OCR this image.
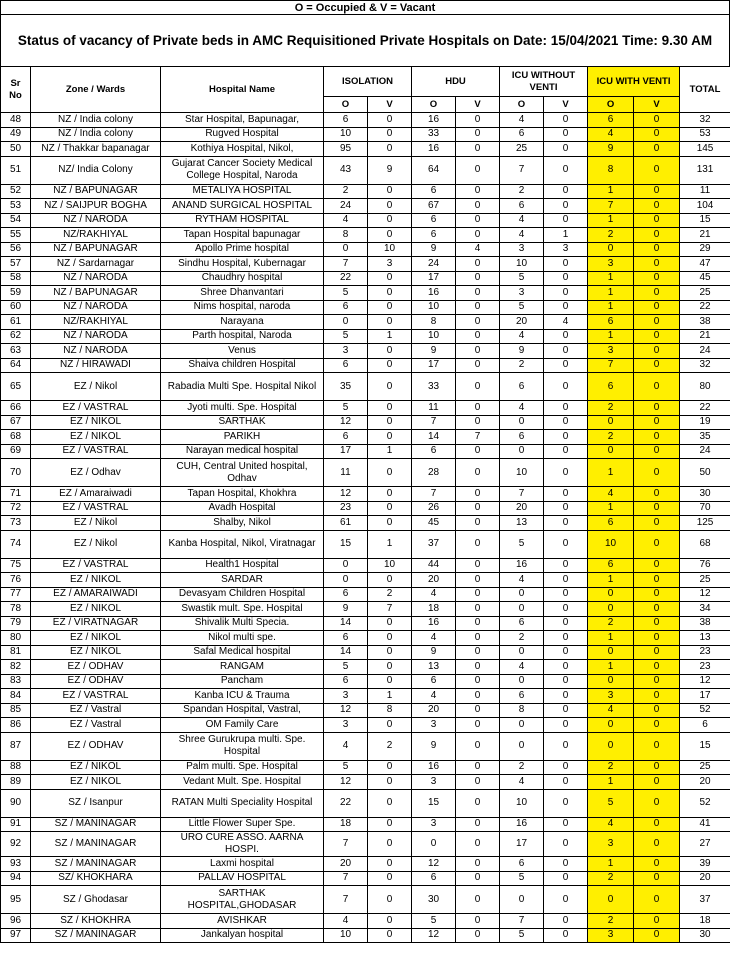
O = Occupied & V = Vacant
Status of vacancy of Private beds in AMC Requisitioned Private Hospitals on Date: 15/04/2021 Time: 9.30 AM
Sr No	Zone / Wards	Hospital Name	ISOLATION		HDU		ICU WITHOUT VENTI		ICU WITH VENTI		TOTAL
			O	V	O	V	O	V	O	V	
48	NZ / India colony	Star Hospital, Bapunagar,	6	0	16	0	4	0	6	0	32
49	NZ / India colony	Rugved Hospital	10	0	33	0	6	0	4	0	53
50	NZ / Thakkar bapanagar	Kothiya Hospital, Nikol,	95	0	16	0	25	0	9	0	145
51	NZ/ India Colony	Gujarat Cancer Society Medical College Hospital, Naroda	43	9	64	0	7	0	8	0	131
52	NZ / BAPUNAGAR	METALIYA HOSPITAL	2	0	6	0	2	0	1	0	11
53	NZ / SAIJPUR BOGHA	ANAND SURGICAL HOSPITAL	24	0	67	0	6	0	7	0	104
54	NZ / NARODA	RYTHAM HOSPITAL	4	0	6	0	4	0	1	0	15
55	NZ/RAKHIYAL	Tapan Hospital bapunagar	8	0	6	0	4	1	2	0	21
56	NZ / BAPUNAGAR	Apollo Prime hospital	0	10	9	4	3	3	0	0	29
57	NZ / Sardarnagar	Sindhu Hospital, Kubernagar	7	3	24	0	10	0	3	0	47
58	NZ / NARODA	Chaudhry hospital	22	0	17	0	5	0	1	0	45
59	NZ / BAPUNAGAR	Shree Dhanvantari	5	0	16	0	3	0	1	0	25
60	NZ / NARODA	Nims hospital, naroda	6	0	10	0	5	0	1	0	22
61	NZ/RAKHIYAL	Narayana	0	0	8	0	20	4	6	0	38
62	NZ / NARODA	Parth hospital, Naroda	5	1	10	0	4	0	1	0	21
63	NZ / NARODA	Venus	3	0	9	0	9	0	3	0	24
64	NZ / HIRAWADI	Shaiva children Hospital	6	0	17	0	2	0	7	0	32
65	EZ / Nikol	Rabadia Multi Spe. Hospital Nikol	35	0	33	0	6	0	6	0	80
66	EZ / VASTRAL	Jyoti multi. Spe. Hospital	5	0	11	0	4	0	2	0	22
67	EZ / NIKOL	SARTHAK	12	0	7	0	0	0	0	0	19
68	EZ / NIKOL	PARIKH	6	0	14	7	6	0	2	0	35
69	EZ / VASTRAL	Narayan medical hospital	17	1	6	0	0	0	0	0	24
70	EZ / Odhav	CUH, Central United hospital, Odhav	11	0	28	0	10	0	1	0	50
71	EZ / Amaraiwadi	Tapan Hospital, Khokhra	12	0	7	0	7	0	4	0	30
72	EZ / VASTRAL	Avadh Hospital	23	0	26	0	20	0	1	0	70
73	EZ / Nikol	Shalby, Nikol	61	0	45	0	13	0	6	0	125
74	EZ / Nikol	Kanba Hospital, Nikol, Viratnagar	15	1	37	0	5	0	10	0	68
75	EZ / VASTRAL	Health1 Hospital	0	10	44	0	16	0	6	0	76
76	EZ / NIKOL	SARDAR	0	0	20	0	4	0	1	0	25
77	EZ / AMARAIWADI	Devasyam Children Hospital	6	2	4	0	0	0	0	0	12
78	EZ / NIKOL	Swastik mult. Spe. Hospital	9	7	18	0	0	0	0	0	34
79	EZ / VIRATNAGAR	Shivalik Multi Specia.	14	0	16	0	6	0	2	0	38
80	EZ / NIKOL	Nikol multi spe.	6	0	4	0	2	0	1	0	13
81	EZ / NIKOL	Safal Medical hospital	14	0	9	0	0	0	0	0	23
82	EZ / ODHAV	RANGAM	5	0	13	0	4	0	1	0	23
83	EZ / ODHAV	Pancham	6	0	6	0	0	0	0	0	12
84	EZ / VASTRAL	Kanba ICU & Trauma	3	1	4	0	6	0	3	0	17
85	EZ / Vastral	Spandan Hospital, Vastral,	12	8	20	0	8	0	4	0	52
86	EZ / Vastral	OM Family Care	3	0	3	0	0	0	0	0	6
87	EZ / ODHAV	Shree Gurukrupa multi. Spe. Hospital	4	2	9	0	0	0	0	0	15
88	EZ / NIKOL	Palm multi. Spe. Hospital	5	0	16	0	2	0	2	0	25
89	EZ / NIKOL	Vedant Mult. Spe. Hospital	12	0	3	0	4	0	1	0	20
90	SZ / Isanpur	RATAN Multi Speciality Hospital	22	0	15	0	10	0	5	0	52
91	SZ / MANINAGAR	Little Flower Super Spe.	18	0	3	0	16	0	4	0	41
92	SZ / MANINAGAR	URO CURE ASSO. AARNA HOSPI.	7	0	0	0	17	0	3	0	27
93	SZ / MANINAGAR	Laxmi hospital	20	0	12	0	6	0	1	0	39
94	SZ/ KHOKHARA	PALLAV HOSPITAL	7	0	6	0	5	0	2	0	20
95	SZ / Ghodasar	SARTHAK HOSPITAL,GHODASAR	7	0	30	0	0	0	0	0	37
96	SZ / KHOKHRA	AVISHKAR	4	0	5	0	7	0	2	0	18
97	SZ / MANINAGAR	Jankalyan hospital	10	0	12	0	5	0	3	0	30
